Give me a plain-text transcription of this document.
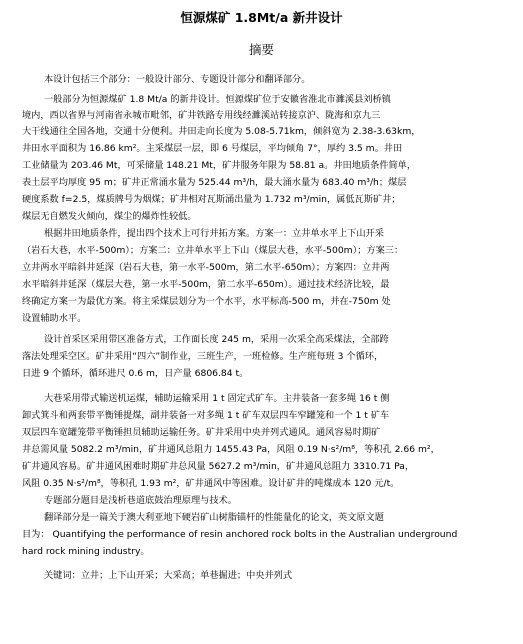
恒源煤矿 1.8Mt/a 新井设计
摘要
本设计包括三个部分：一般设计部分、专题设计部分和翻译部分。
一般部分为恒源煤矿 1.8 Mt/a 的新井设计。恒源煤矿位于安徽省淮北市濉溪县刘桥镇
境内，西以省界与河南省永城市毗邻，矿井铁路专用线经濉溪站转接京沪、陇海和京九三
大干线通往全国各地，交通十分便利。井田走向长度为 5.08-5.71km，倾斜宽为 2.38-3.63km，
井田水平面积为 16.86 km²。主采煤层一层，即 6 号煤层，平均倾角 7°，厚约 3.5 m。井田
工业储量为 203.46 Mt，可采储量 148.21 Mt，矿井服务年限为 58.81 a。井田地质条件简单，
表土层平均厚度 95 m；矿井正常涌水量为 525.44 m³/h，最大涌水量为 683.40 m³/h；煤层
硬度系数 f=2.5，煤质牌号为烟煤；矿井相对瓦斯涌出量为 1.732 m³/min，属低瓦斯矿井；
煤层无自燃发火倾向，煤尘的爆炸性较低。
根据井田地质条件，提出四个技术上可行并拓方案。方案一：立井单水平上下山开采
（岩石大巷，水平-500m）；方案二：立井单水平上下山（煤层大巷，水平-500m）；方案三：
立井两水平暗斜井延深（岩石大巷，第一水平-500m，第二水平-650m）；方案四：立井两
水平暗斜井延深（煤层大巷，第一水平-500m，第二水平-650m）。通过技术经济比较，最
终确定方案一为最优方案。将主采煤层划分为一个水平，水平标高-500 m，并在-750m 处
设置辅助水平。
设计首采区采用带区准备方式，工作面长度 245 m，采用一次采全高采煤法，全部跨
落法处理采空区。矿井采用“四六”制作业，三班生产，一班检修。生产班每班 3 个循环，
日进 9 个循环，循环进尺 0.6 m，日产量 6806.84 t。
大巷采用带式输送机运煤，辅助运输采用 1 t 固定式矿车。主井装备一套多绳 16 t 侧
卸式箕斗和两套带平衡锤提煤，副井装备一对多绳 1 t 矿车双层四车窄罐笼和一个 1 t 矿车
双层四车宽罐笼带平衡锤担员辅助运输任务。矿井采用中央并列式通风。通风容易时期矿
井总需风量 5082.2 m³/min，矿井通风总阻力 1455.43 Pa，风阻 0.19 N·s²/m⁸，等积孔 2.66 m²，
矿井通风容易。矿井通风困难时期矿井总风量 5627.2 m³/min，矿井通风总阻力 3310.71 Pa，
风阻 0.35 N·s²/m⁸，等积孔 1.93 m²，矿井通风中等困难。设计矿井的吨煤成本 120 元/t。
专题部分题目是浅析巷道底鼓治理原理与技术。
翻译部分是一篇关于澳大利亚地下硬岩矿山树脂锚杆的性能量化的论文，英文原文题
目为： Quantifying the performance of resin anchored rock bolts in the Australian underground
hard rock mining industry。
关键词：立井；上下山开采；大采高；单巷掘进；中央并列式
